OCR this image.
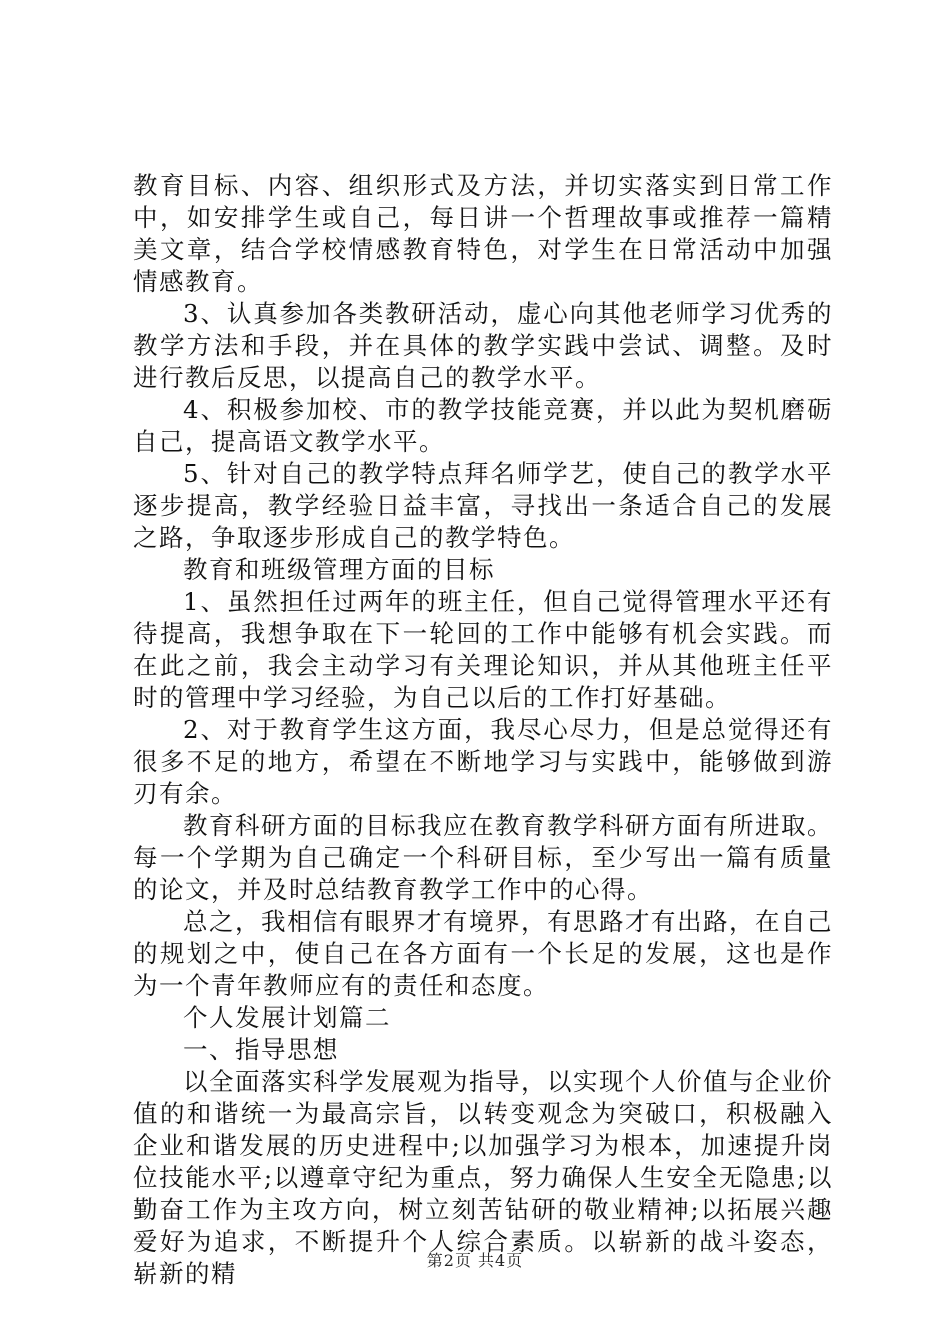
教育目标、内容、组织形式及方法，并切实落实到日常工作中，如安排学生或自己，每日讲一个哲理故事或推荐一篇精美文章，结合学校情感教育特色，对学生在日常活动中加强情感教育。

3、认真参加各类教研活动，虚心向其他老师学习优秀的教学方法和手段，并在具体的教学实践中尝试、调整。及时进行教后反思，以提高自己的教学水平。

4、积极参加校、市的教学技能竞赛，并以此为契机磨砺自己，提高语文教学水平。

5、针对自己的教学特点拜名师学艺，使自己的教学水平逐步提高，教学经验日益丰富，寻找出一条适合自己的发展之路，争取逐步形成自己的教学特色。

教育和班级管理方面的目标

1、虽然担任过两年的班主任，但自己觉得管理水平还有待提高，我想争取在下一轮回的工作中能够有机会实践。而在此之前，我会主动学习有关理论知识，并从其他班主任平时的管理中学习经验，为自己以后的工作打好基础。

2、对于教育学生这方面，我尽心尽力，但是总觉得还有很多不足的地方，希望在不断地学习与实践中，能够做到游刃有余。

教育科研方面的目标我应在教育教学科研方面有所进取。每一个学期为自己确定一个科研目标，至少写出一篇有质量的论文，并及时总结教育教学工作中的心得。

总之，我相信有眼界才有境界，有思路才有出路，在自己的规划之中，使自己在各方面有一个长足的发展，这也是作为一个青年教师应有的责任和态度。

个人发展计划篇二

一、指导思想

以全面落实科学发展观为指导，以实现个人价值与企业价值的和谐统一为最高宗旨，以转变观念为突破口，积极融入企业和谐发展的历史进程中;以加强学习为根本，加速提升岗位技能水平;以遵章守纪为重点，努力确保人生安全无隐患;以勤奋工作为主攻方向，树立刻苦钻研的敬业精神;以拓展兴趣爱好为追求，不断提升个人综合素质。以崭新的战斗姿态，崭新的精	第2页 共4页
